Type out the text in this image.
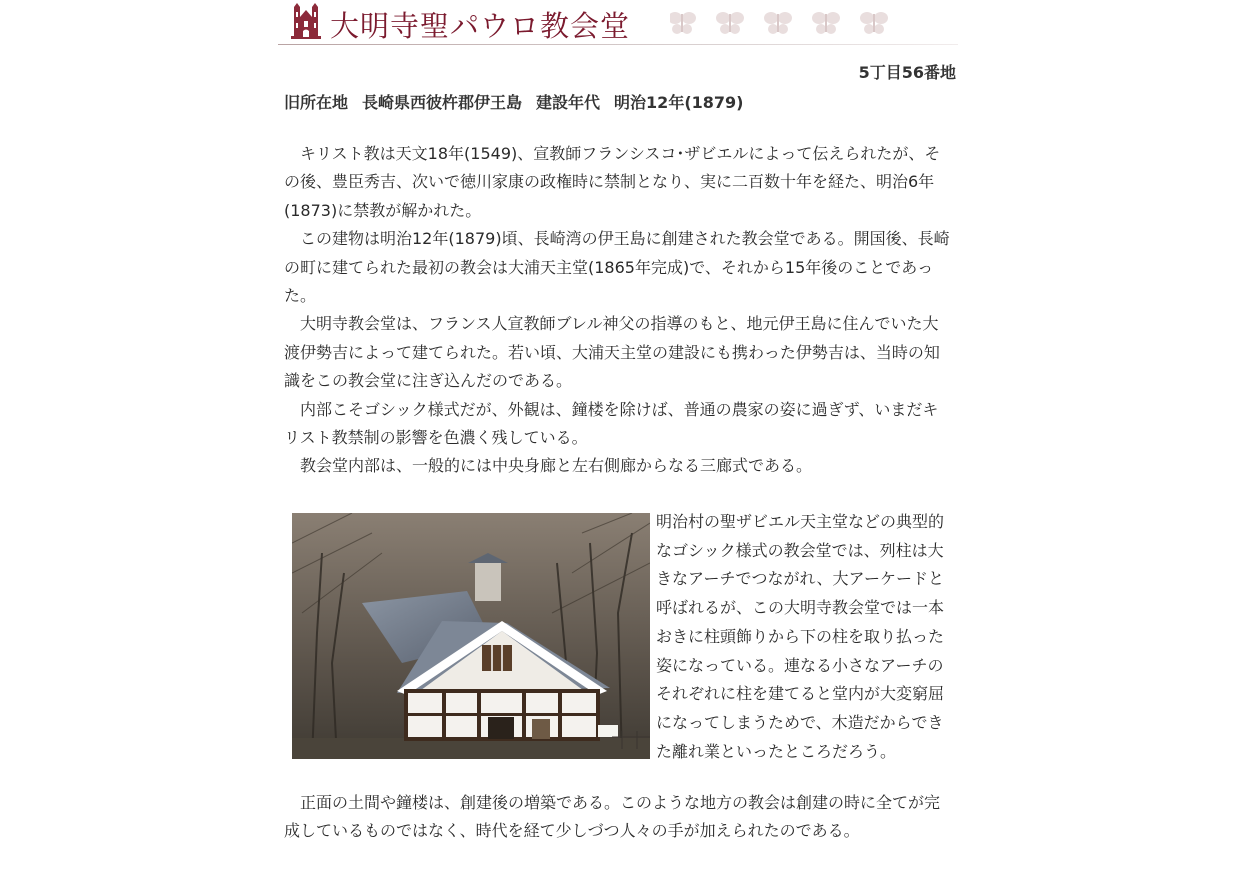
大明寺聖パウロ教会堂
5丁目56番地
旧所在地 長崎県西彼杵郡伊王島 建設年代 明治12年(1879)

キリスト教は天文18年(1549)、宣教師フランシスコ･ザビエルによって伝えられたが、その後、豊臣秀吉、次いで徳川家康の政権時に禁制となり、実に二百数十年を経た、明治6年(1873)に禁教が解かれた。

この建物は明治12年(1879)頃、長崎湾の伊王島に創建された教会堂である。開国後、長崎の町に建てられた最初の教会は大浦天主堂(1865年完成)で、それから15年後のことであった。

大明寺教会堂は、フランス人宣教師ブレル神父の指導のもと、地元伊王島に住んでいた大渡伊勢吉によって建てられた。若い頃、大浦天主堂の建設にも携わった伊勢吉は、当時の知識をこの教会堂に注ぎ込んだのである。

内部こそゴシック様式だが、外観は、鐘楼を除けば、普通の農家の姿に過ぎず、いまだキリスト教禁制の影響を色濃く残している。

教会堂内部は、一般的には中央身廊と左右側廊からなる三廊式である。

明治村の聖ザビエル天主堂などの典型的なゴシック様式の教会堂では、列柱は大きなアーチでつながれ、大アーケードと呼ばれるが、この大明寺教会堂では一本おきに柱頭飾りから下の柱を取り払った姿になっている。連なる小さなアーチのそれぞれに柱を建てると堂内が大変窮屈になってしまうためで、木造だからできた離れ業といったところだろう。

正面の土間や鐘楼は、創建後の増築である。このような地方の教会は創建の時に全てが完成しているものではなく、時代を経て少しづつ人々の手が加えられたのである。
